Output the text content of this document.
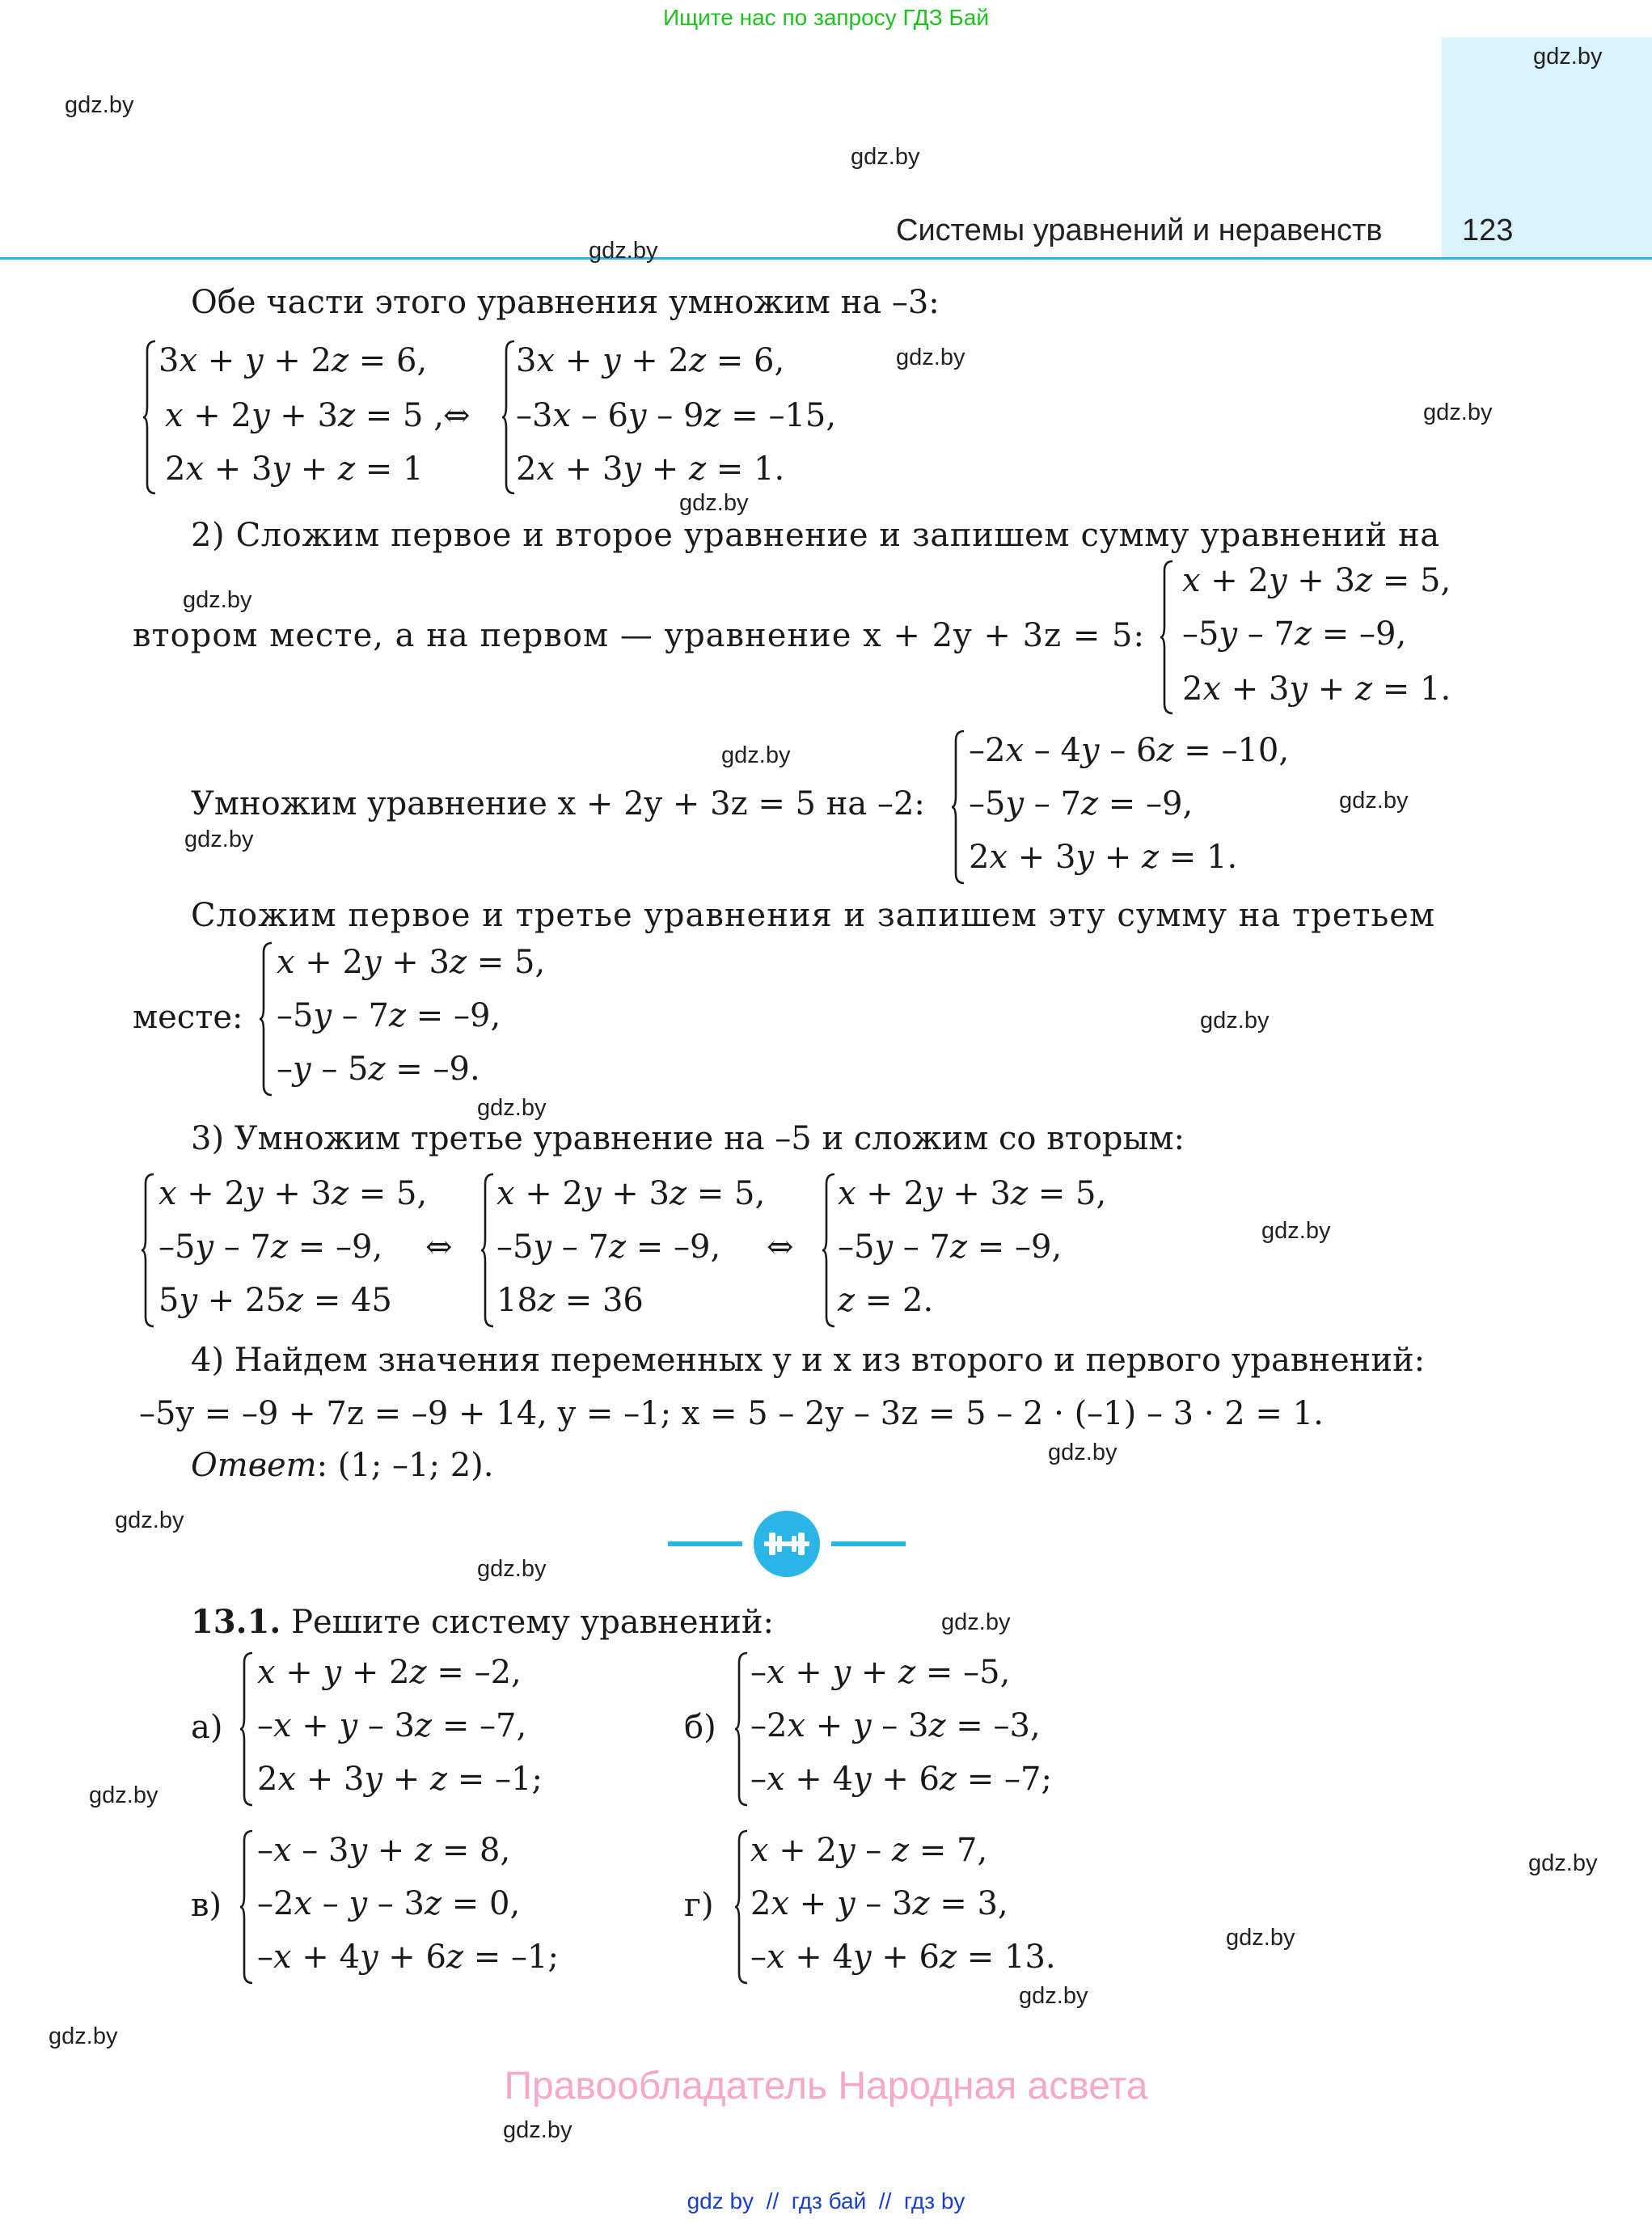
Ищите нас по запросу ГДЗ Бай
Системы уравнений и неравенств	123
gdz.by
gdz.by
gdz.by
gdz.by
gdz.by
gdz.by
gdz.by
gdz.by
gdz.by
gdz.by
gdz.by
gdz.by
gdz.by
gdz.by
gdz.by
gdz.by
gdz.by
gdz.by
gdz.by
gdz.by
gdz.by
gdz.by
gdz.by
gdz.by
Обе части этого уравнения умножим на –3:
3x + y + 2z = 6,
x + 2y + 3z = 5 ,
2x + 3y + z = 1
⇔
3x + y + 2z = 6,
–3x – 6y – 9z = –15,
2x + 3y + z = 1.
2) Сложим первое и второе уравнение и запишем сумму уравнений на
втором месте, а на первом — уравнение x + 2y + 3z = 5:
x + 2y + 3z = 5,
–5y – 7z = –9,
2x + 3y + z = 1.
Умножим уравнение x + 2y + 3z = 5 на –2:
–2x – 4y – 6z = –10,
–5y – 7z = –9,
2x + 3y + z = 1.
Сложим первое и третье уравнения и запишем эту сумму на третьем
месте:
x + 2y + 3z = 5,
–5y – 7z = –9,
–y – 5z = –9.
3) Умножим третье уравнение на –5 и сложим со вторым:
x + 2y + 3z = 5,
–5y – 7z = –9,
5y + 25z = 45
⇔
x + 2y + 3z = 5,
–5y – 7z = –9,
18z = 36
⇔
x + 2y + 3z = 5,
–5y – 7z = –9,
z = 2.
4) Найдем значения переменных y и x из второго и первого уравнений:
–5y = –9 + 7z = –9 + 14, y = –1; x = 5 – 2y – 3z = 5 – 2 · (–1) – 3 · 2 = 1.
Ответ: (1; –1; 2).
13.1. Решите систему уравнений:
а)
x + y + 2z = –2,
–x + y – 3z = –7,
2x + 3y + z = –1;
б)
–x + y + z = –5,
–2x + y – 3z = –3,
–x + 4y + 6z = –7;
в)
–x – 3y + z = 8,
–2x – y – 3z = 0,
–x + 4y + 6z = –1;
г)
x + 2y – z = 7,
2x + y – 3z = 3,
–x + 4y + 6z = 13.
Правообладатель Народная асвета
gdz by  //  гдз бай  //  гдз by
